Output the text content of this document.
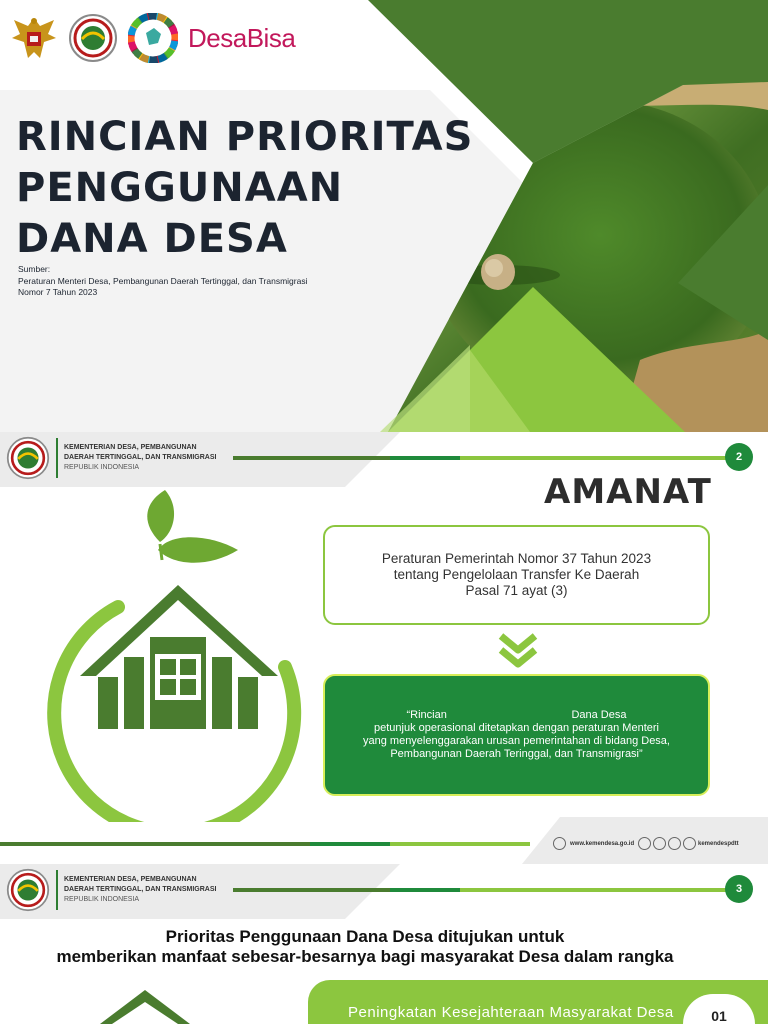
DesaBisa
RINCIAN PRIORITAS
PENGGUNAAN
DANA DESA
Sumber:
Peraturan Menteri Desa, Pembangunan Daerah Tertinggal, dan Transmigrasi
Nomor 7 Tahun 2023
KEMENTERIAN DESA, PEMBANGUNAN
DAERAH TERTINGGAL, DAN TRANSMIGRASI
REPUBLIK INDONESIA
2
AMANAT
Peraturan Pemerintah Nomor 37 Tahun 2023
tentang Pengelolaan Transfer Ke Daerah
Pasal 71 ayat (3)
“Rincian	Dana Desa
petunjuk operasional ditetapkan dengan peraturan Menteri
yang menyelenggarakan urusan pemerintahan di bidang Desa,
Pembangunan Daerah Teringgal, dan Transmigrasi”
www.kemendesa.go.id	kemendespdtt
KEMENTERIAN DESA, PEMBANGUNAN
DAERAH TERTINGGAL, DAN TRANSMIGRASI
REPUBLIK INDONESIA
3
Prioritas Penggunaan Dana Desa ditujukan untuk
memberikan manfaat sebesar-besarnya bagi masyarakat Desa dalam rangka
Peningkatan Kesejahteraan Masyarakat Desa	01
